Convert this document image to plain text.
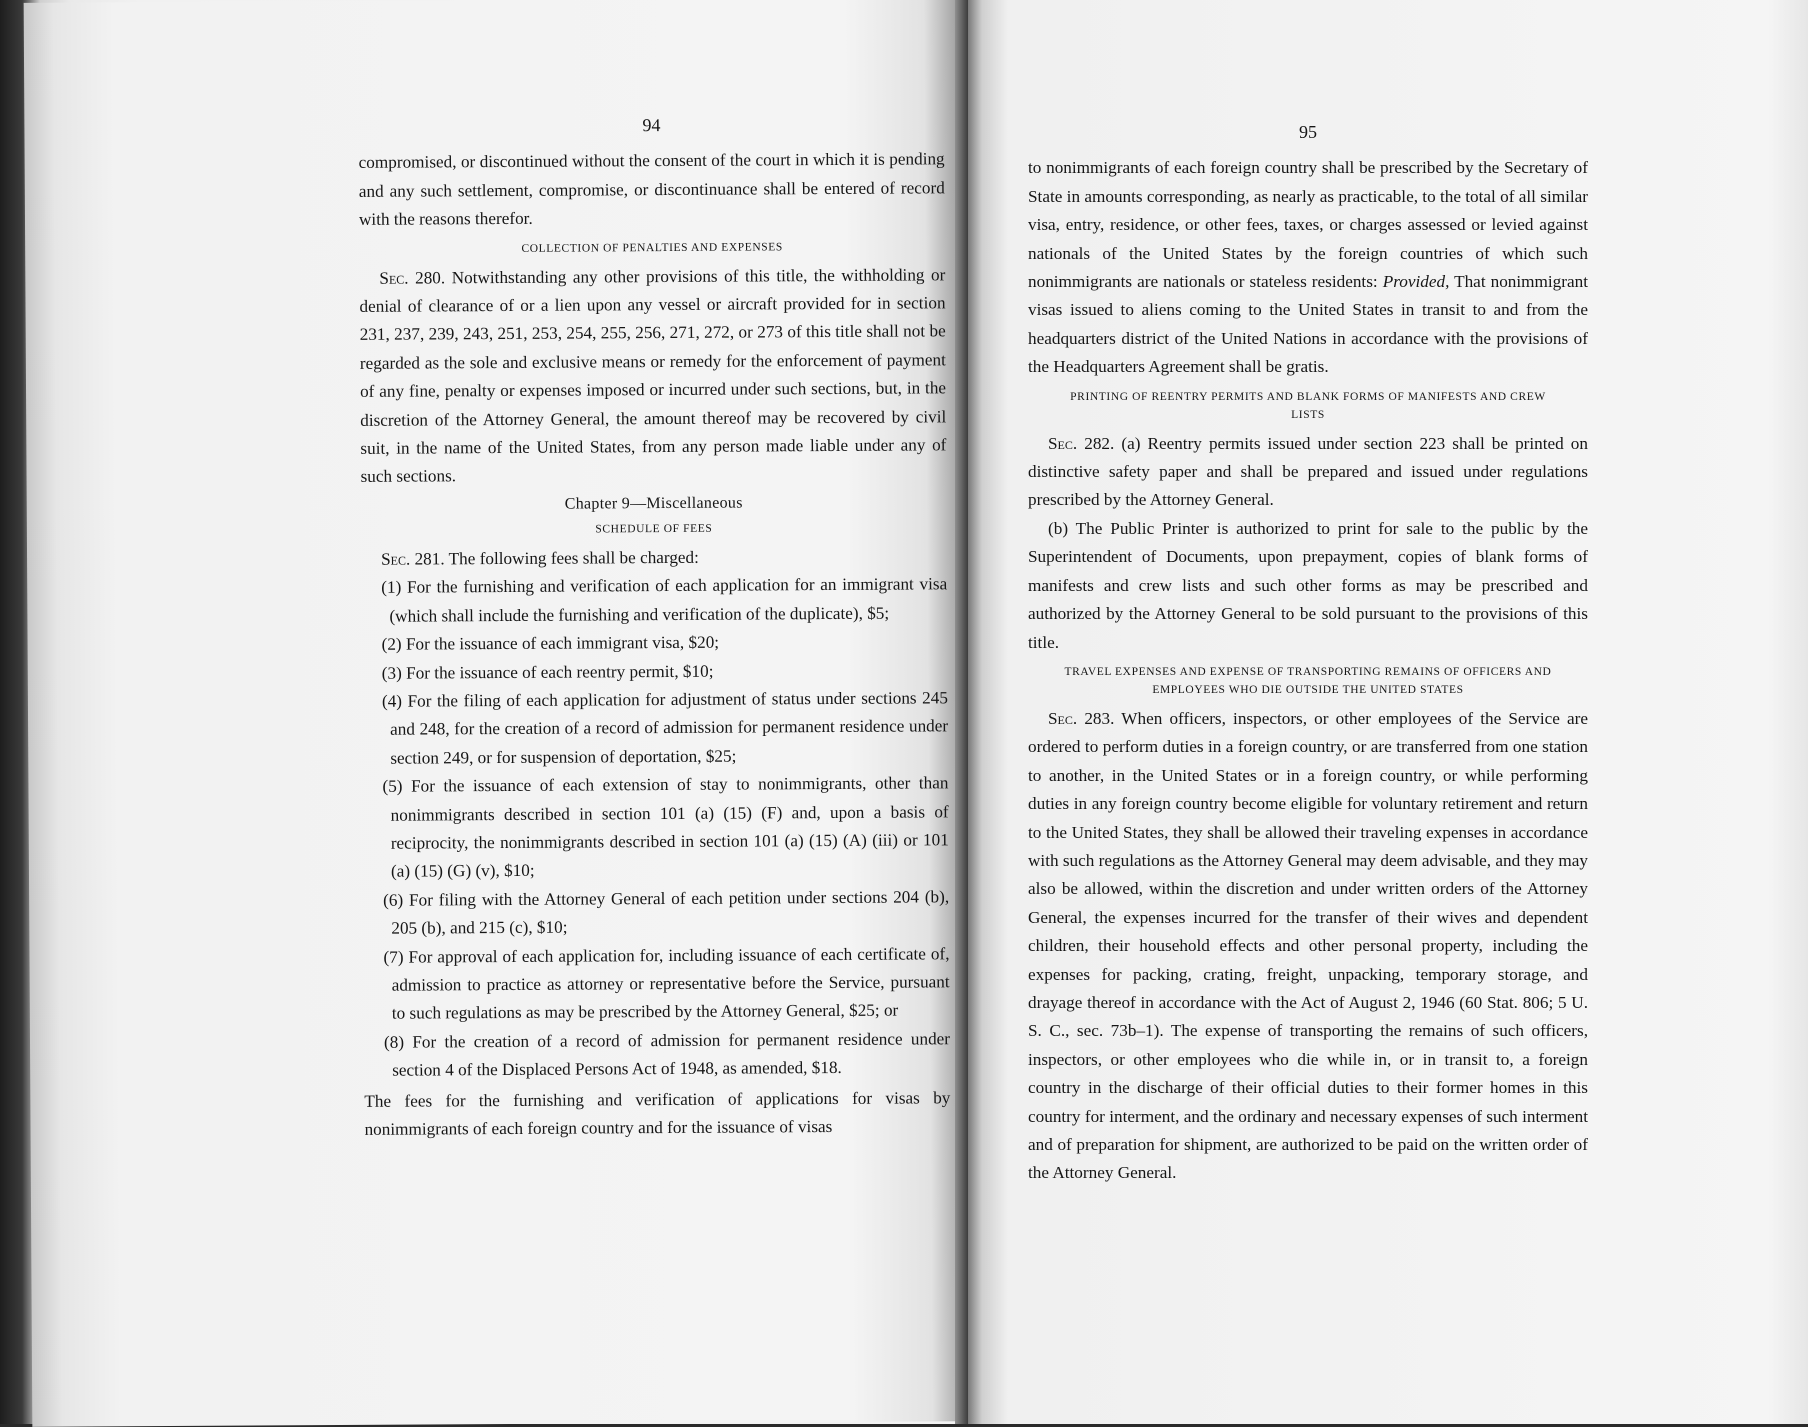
94

compromised, or discontinued without the consent of the court in which it is pending and any such settlement, compromise, or discontinuance shall be entered of record with the reasons therefor.

COLLECTION OF PENALTIES AND EXPENSES

Sec. 280. Notwithstanding any other provisions of this title, the withholding or denial of clearance of or a lien upon any vessel or aircraft provided for in section 231, 237, 239, 243, 251, 253, 254, 255, 256, 271, 272, or 273 of this title shall not be regarded as the sole and exclusive means or remedy for the enforcement of payment of any fine, penalty or expenses imposed or incurred under such sections, but, in the discretion of the Attorney General, the amount thereof may be recovered by civil suit, in the name of the United States, from any person made liable under any of such sections.

Chapter 9—Miscellaneous
SCHEDULE OF FEES

Sec. 281. The following fees shall be charged:

(1) For the furnishing and verification of each application for an immigrant visa (which shall include the furnishing and verification of the duplicate), $5;

(2) For the issuance of each immigrant visa, $20;

(3) For the issuance of each reentry permit, $10;

(4) For the filing of each application for adjustment of status under sections 245 and 248, for the creation of a record of admission for permanent residence under section 249, or for suspension of deportation, $25;

(5) For the issuance of each extension of stay to nonimmigrants, other than nonimmigrants described in section 101 (a) (15) (F) and, upon a basis of reciprocity, the nonimmigrants described in section 101 (a) (15) (A) (iii) or 101 (a) (15) (G) (v), $10;

(6) For filing with the Attorney General of each petition under sections 204 (b), 205 (b), and 215 (c), $10;

(7) For approval of each application for, including issuance of each certificate of, admission to practice as attorney or representative before the Service, pursuant to such regulations as may be prescribed by the Attorney General, $25; or

(8) For the creation of a record of admission for permanent residence under section 4 of the Displaced Persons Act of 1948, as amended, $18.

The fees for the furnishing and verification of applications for visas by nonimmigrants of each foreign country and for the issuance of visas

95

to nonimmigrants of each foreign country shall be prescribed by the Secretary of State in amounts corresponding, as nearly as practicable, to the total of all similar visa, entry, residence, or other fees, taxes, or charges assessed or levied against nationals of the United States by the foreign countries of which such nonimmigrants are nationals or stateless residents: Provided, That nonimmigrant visas issued to aliens coming to the United States in transit to and from the headquarters district of the United Nations in accordance with the provisions of the Headquarters Agreement shall be gratis.

PRINTING OF REENTRY PERMITS AND BLANK FORMS OF MANIFESTS AND CREW LISTS

Sec. 282. (a) Reentry permits issued under section 223 shall be printed on distinctive safety paper and shall be prepared and issued under regulations prescribed by the Attorney General.

(b) The Public Printer is authorized to print for sale to the public by the Superintendent of Documents, upon prepayment, copies of blank forms of manifests and crew lists and such other forms as may be prescribed and authorized by the Attorney General to be sold pursuant to the provisions of this title.

TRAVEL EXPENSES AND EXPENSE OF TRANSPORTING REMAINS OF OFFICERS AND EMPLOYEES WHO DIE OUTSIDE THE UNITED STATES

Sec. 283. When officers, inspectors, or other employees of the Service are ordered to perform duties in a foreign country, or are transferred from one station to another, in the United States or in a foreign country, or while performing duties in any foreign country become eligible for voluntary retirement and return to the United States, they shall be allowed their traveling expenses in accordance with such regulations as the Attorney General may deem advisable, and they may also be allowed, within the discretion and under written orders of the Attorney General, the expenses incurred for the transfer of their wives and dependent children, their household effects and other personal property, including the expenses for packing, crating, freight, unpacking, temporary storage, and drayage thereof in accordance with the Act of August 2, 1946 (60 Stat. 806; 5 U. S. C., sec. 73b–1). The expense of transporting the remains of such officers, inspectors, or other employees who die while in, or in transit to, a foreign country in the discharge of their official duties to their former homes in this country for interment, and the ordinary and necessary expenses of such interment and of preparation for shipment, are authorized to be paid on the written order of the Attorney General.
